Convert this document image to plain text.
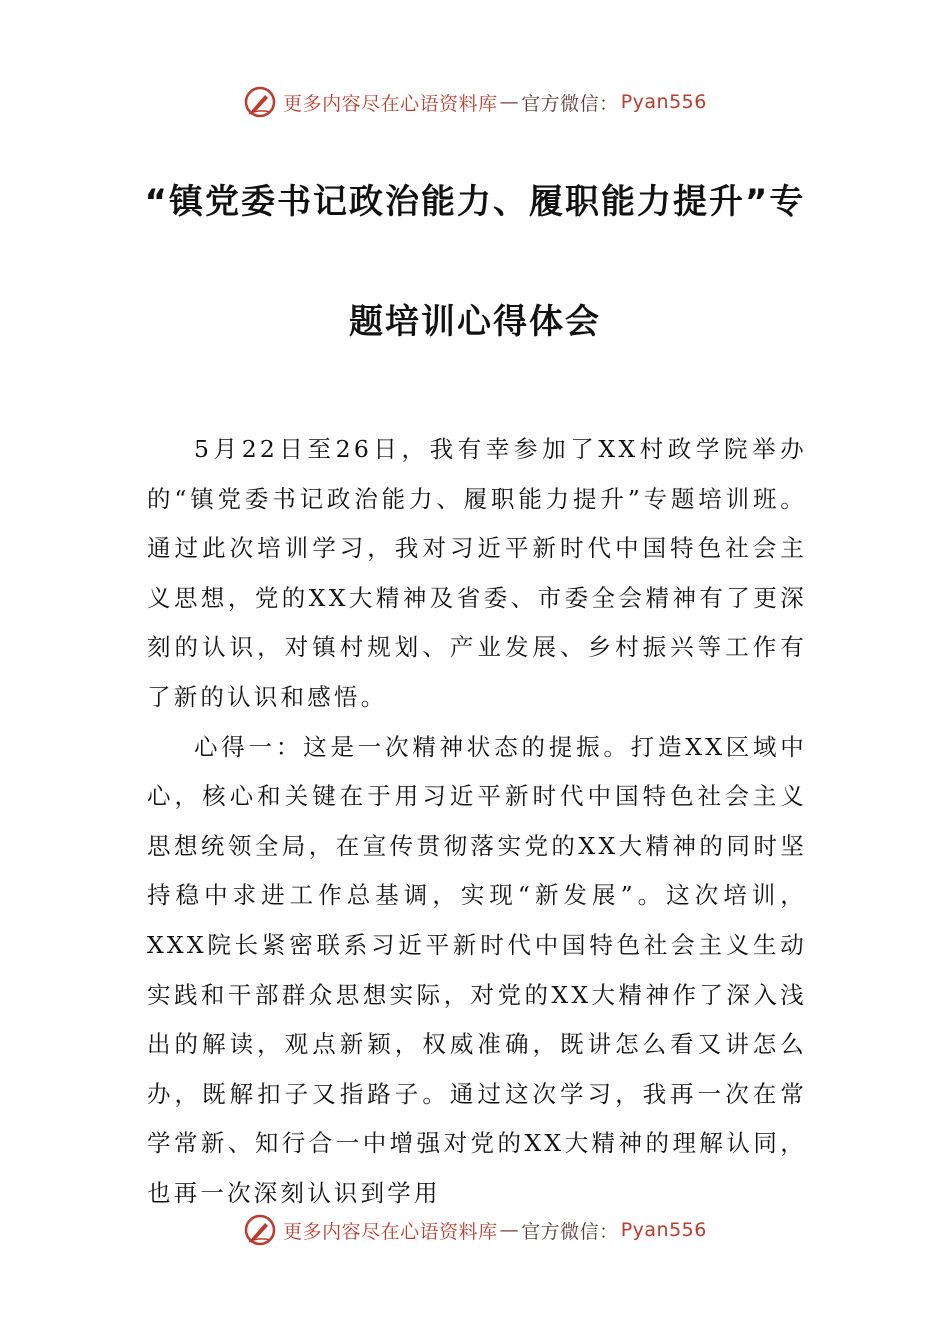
更多内容尽在心语资料库 — 官方微信： Pyan556
“镇党委书记政治能力、履职能力提升”专
题培训心得体会

5月22日至26日，我有幸参加了XX村政学院举办的“镇党委书记政治能力、履职能力提升”专题培训班。通过此次培训学习，我对习近平新时代中国特色社会主义思想，党的XX大精神及省委、市委全会精神有了更深刻的认识，对镇村规划、产业发展、乡村振兴等工作有了新的认识和感悟。

心得一：这是一次精神状态的提振。打造XX区域中心，核心和关键在于用习近平新时代中国特色社会主义思想统领全局，在宣传贯彻落实党的XX大精神的同时坚持稳中求进工作总基调，实现“新发展”。这次培训，XXX院长紧密联系习近平新时代中国特色社会主义生动实践和干部群众思想实际，对党的XX大精神作了深入浅出的解读，观点新颖，权威准确，既讲怎么看又讲怎么办，既解扣子又指路子。通过这次学习，我再一次在常学常新、知行合一中增强对党的XX大精神的理解认同，也再一次深刻认识到学用

更多内容尽在心语资料库 — 官方微信： Pyan556
